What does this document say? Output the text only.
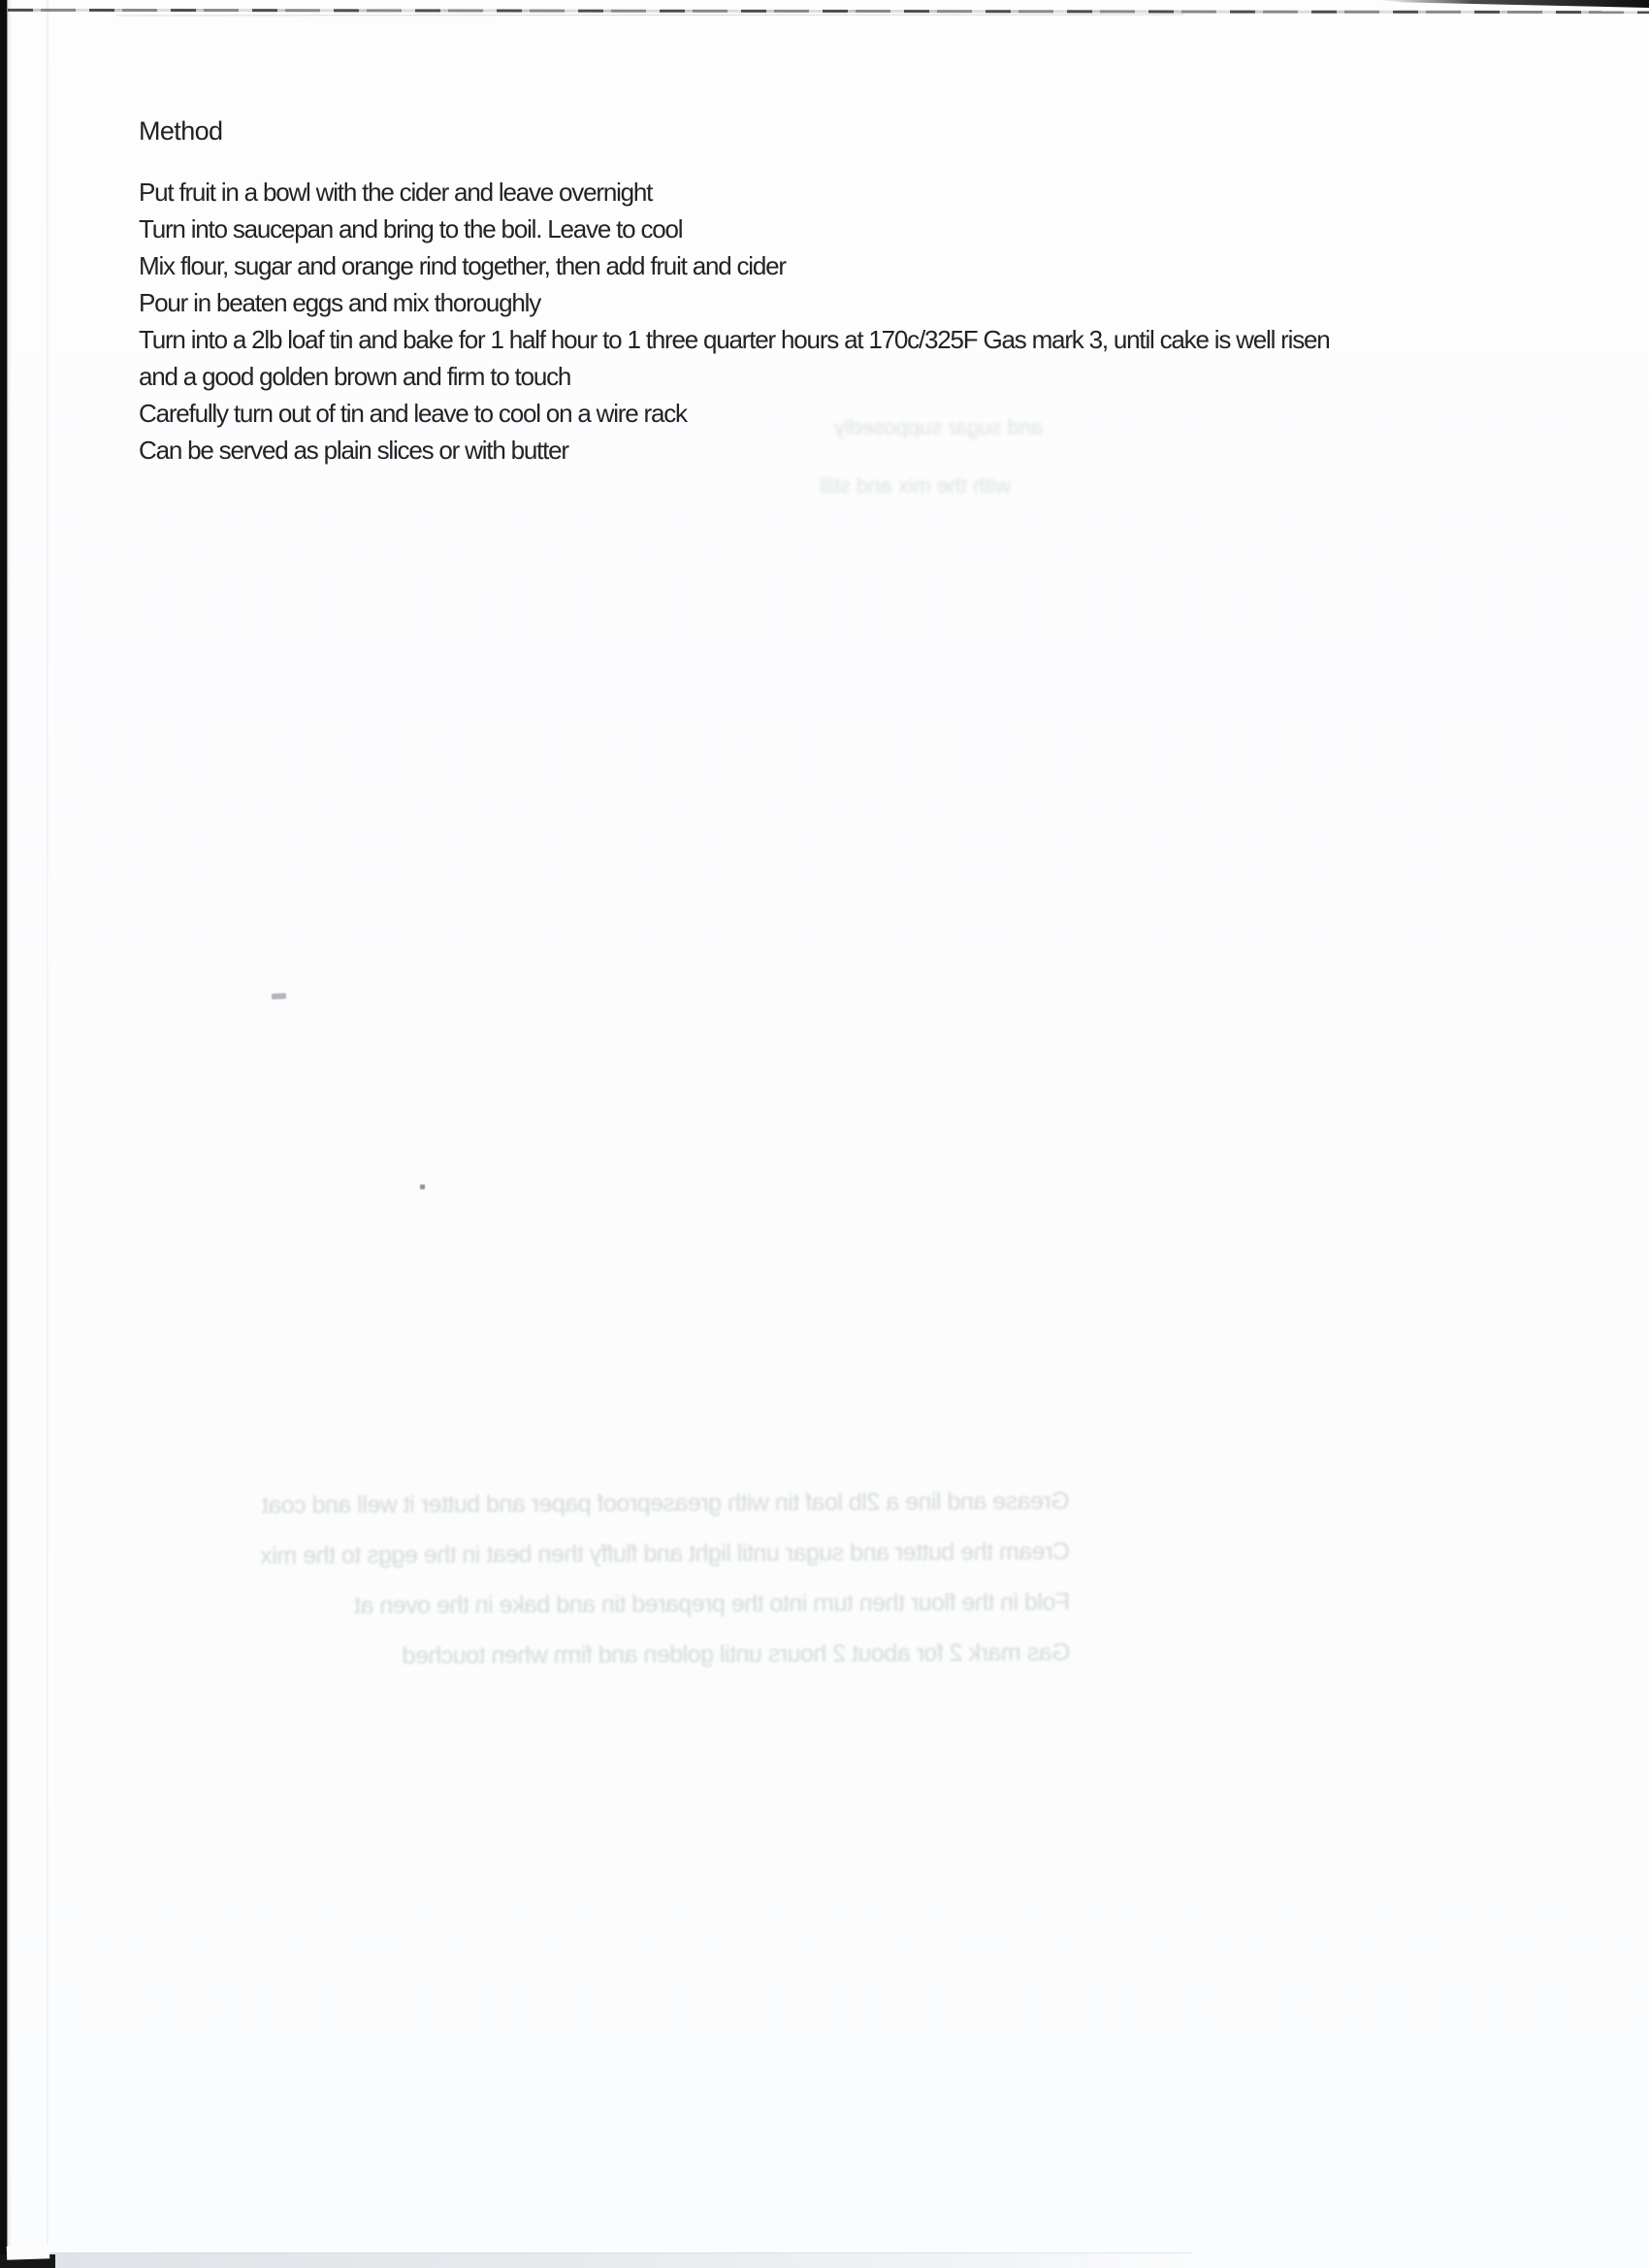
Method
Put fruit in a bowl with the cider and leave overnight
Turn into saucepan and bring to the boil. Leave to cool
Mix flour, sugar and orange rind together, then add fruit and cider
Pour in beaten eggs and mix thoroughly
Turn into a 2lb loaf tin and bake for 1 half hour to 1 three quarter hours at 170c/325F Gas mark 3, until cake is well risen
and a good golden brown and firm to touch
Carefully turn out of tin and leave to cool on a wire rack
Can be served as plain slices or with butter
and sugar supposedly
with the mix and still
Grease and line a 2lb loaf tin with greaseproof paper and butter it well and coat
Cream the butter and sugar until light and fluffy then beat in the eggs to the mix
Fold in the flour then turn into the prepared tin and bake in the oven at
Gas mark 2 for about 2 hours until golden and firm when touched
